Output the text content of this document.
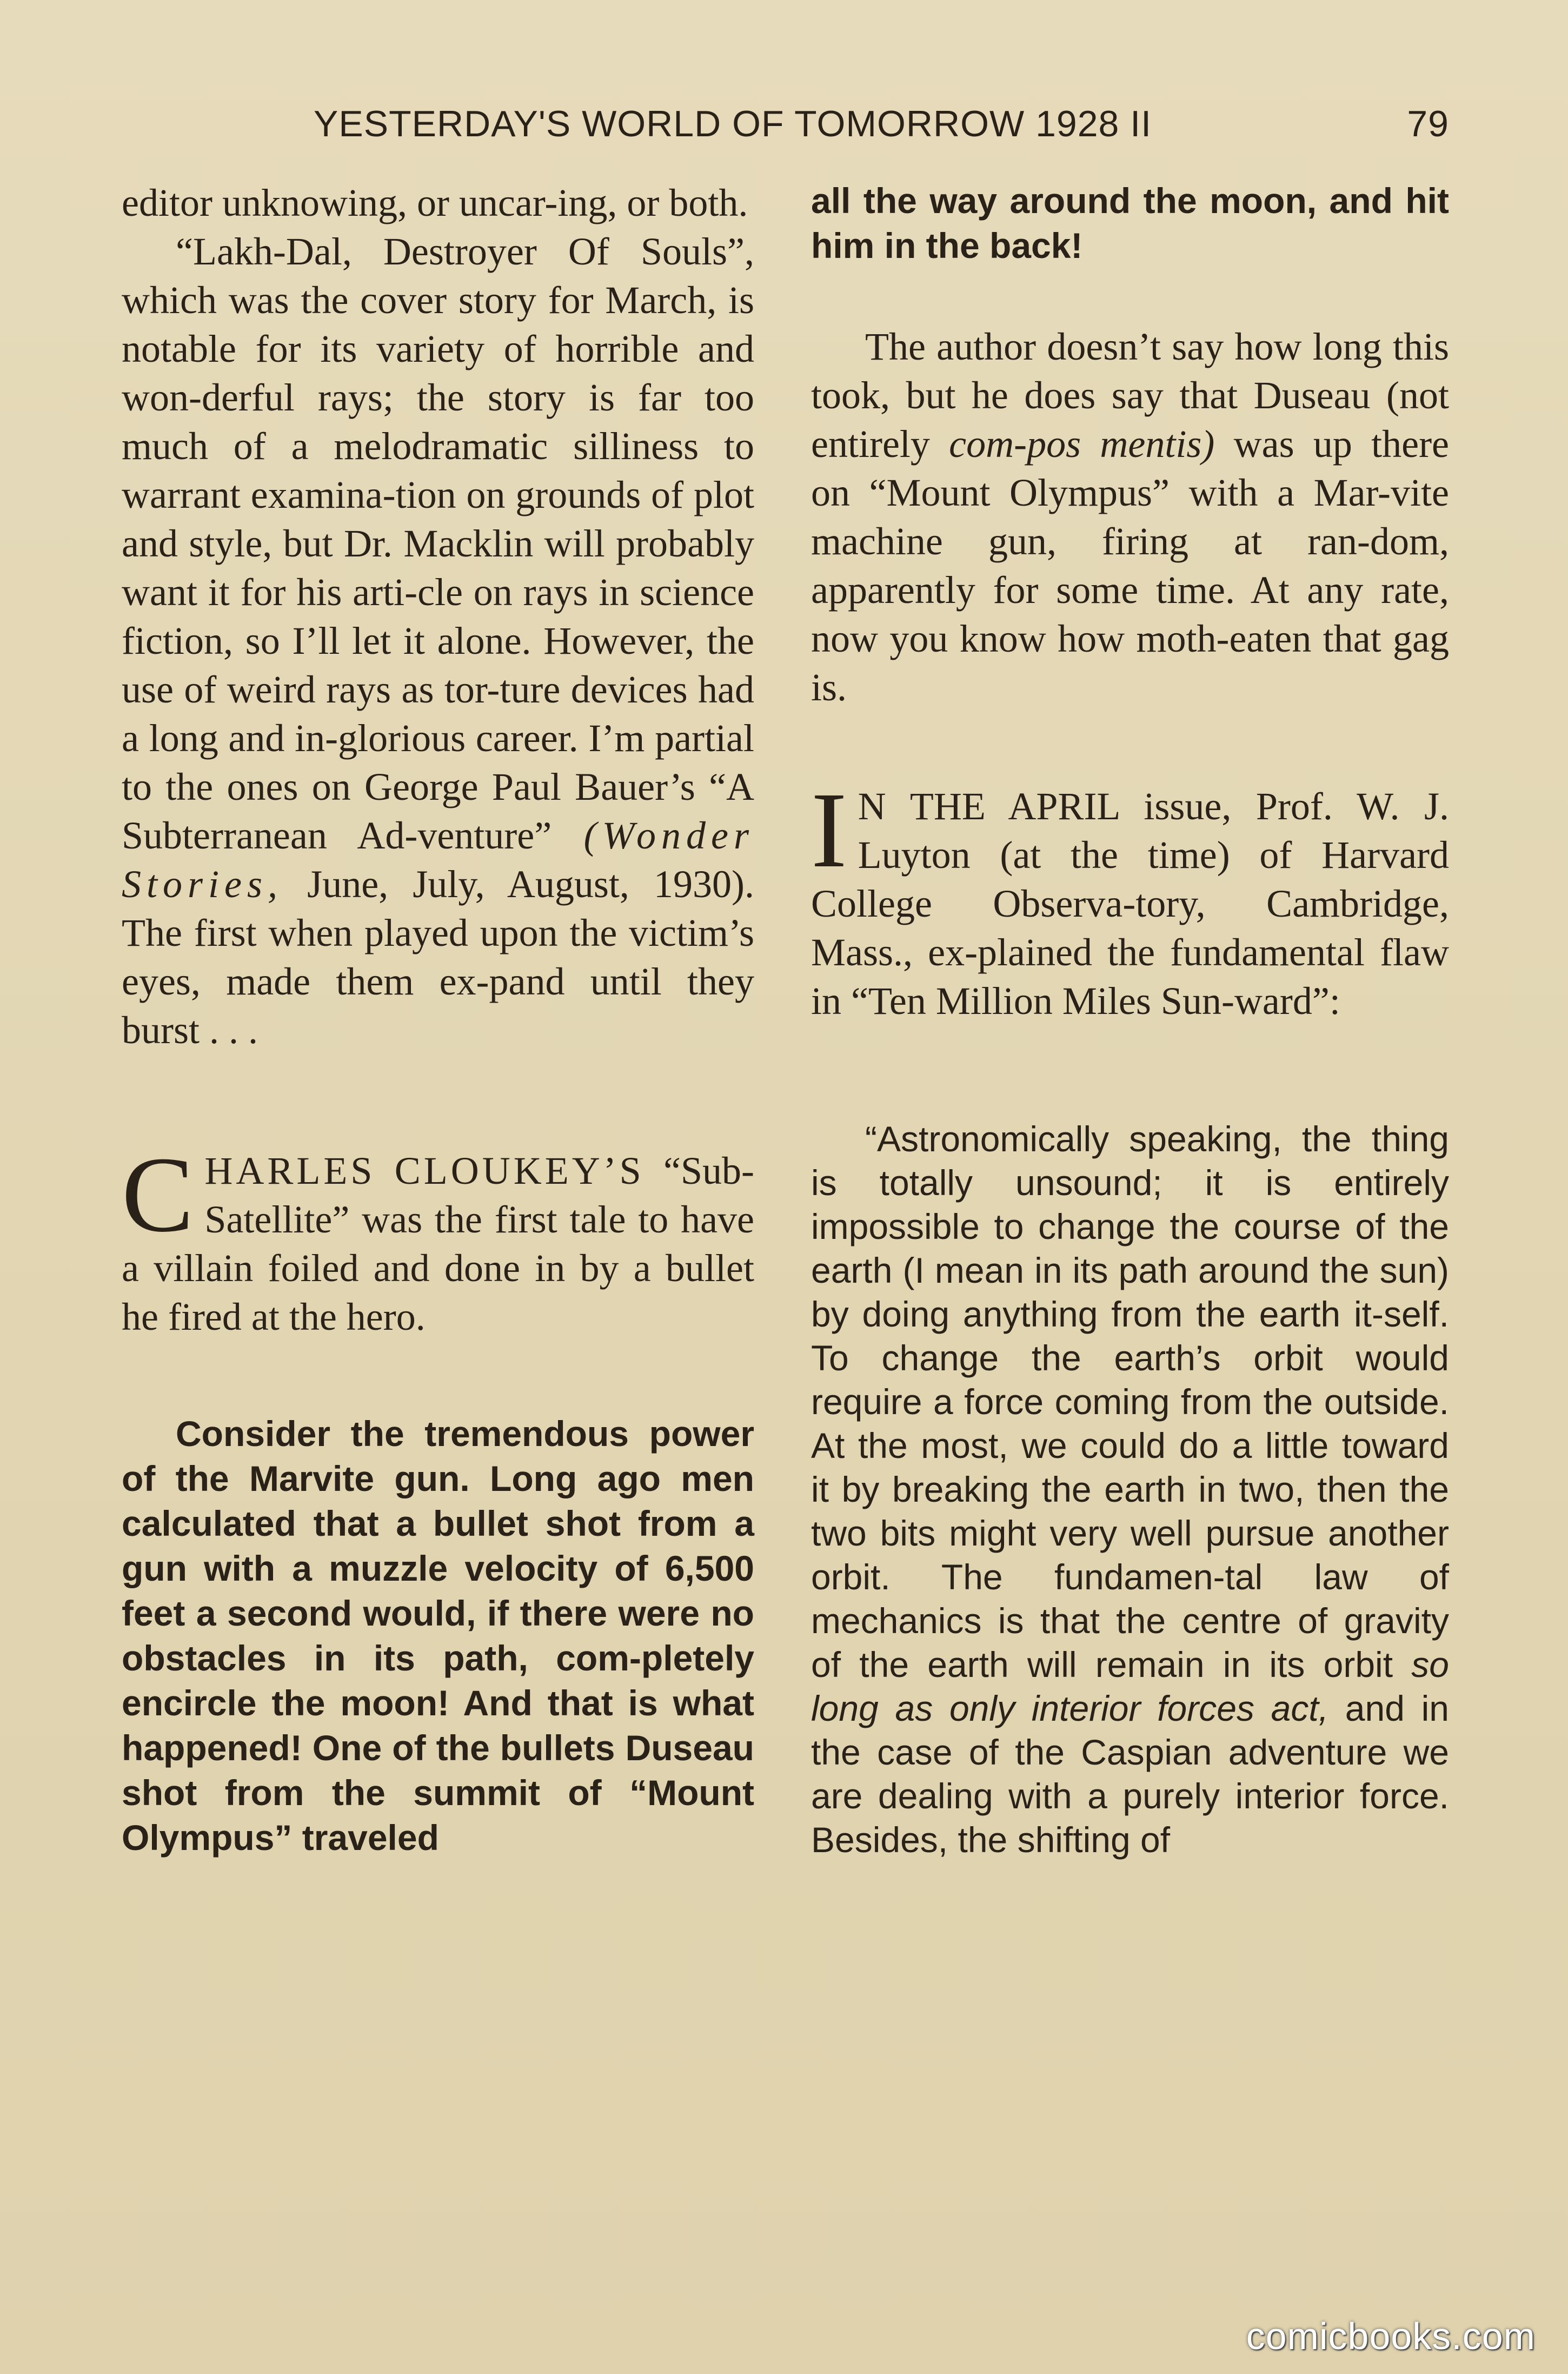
YESTERDAY'S WORLD OF TOMORROW 1928 II	79

editor unknowing, or uncar-ing, or both.

“Lakh-Dal, Destroyer Of Souls”, which was the cover story for March, is notable for its variety of horrible and won-derful rays; the story is far too much of a melodramatic silliness to warrant examina-tion on grounds of plot and style, but Dr. Macklin will probably want it for his arti-cle on rays in science fiction, so I’ll let it alone. However, the use of weird rays as tor-ture devices had a long and in-glorious career. I’m partial to the ones on George Paul Bauer’s “A Subterranean Ad-venture” (Wonder Stories, June, July, August, 1930). The first when played upon the victim’s eyes, made them ex-pand until they burst . . .

CHARLES CLOUKEY’S “Sub-Satellite” was the first tale to have a villain foiled and done in by a bullet he fired at the hero.

Consider the tremendous power of the Marvite gun. Long ago men calculated that a bullet shot from a gun with a muzzle velocity of 6,500 feet a second would, if there were no obstacles in its path, com-pletely encircle the moon! And that is what happened! One of the bullets Duseau shot from the summit of “Mount Olympus” traveled

all the way around the moon, and hit him in the back!

The author doesn’t say how long this took, but he does say that Duseau (not entirely com-pos mentis) was up there on “Mount Olympus” with a Mar-vite machine gun, firing at ran-dom, apparently for some time. At any rate, now you know how moth-eaten that gag is.

I N THE APRIL issue, Prof. W. J. Luyton (at the time) of Harvard College Observa-tory, Cambridge, Mass., ex-plained the fundamental flaw in “Ten Million Miles Sun-ward”:

“Astronomically speaking, the thing is totally unsound; it is entirely impossible to change the course of the earth (I mean in its path around the sun) by doing anything from the earth it-self. To change the earth’s orbit would require a force coming from the outside. At the most, we could do a little toward it by breaking the earth in two, then the two bits might very well pursue another orbit. The fundamen-tal law of mechanics is that the centre of gravity of the earth will remain in its orbit so long as only interior forces act, and in the case of the Caspian adventure we are dealing with a purely interior force. Besides, the shifting of

comicbooks.com
